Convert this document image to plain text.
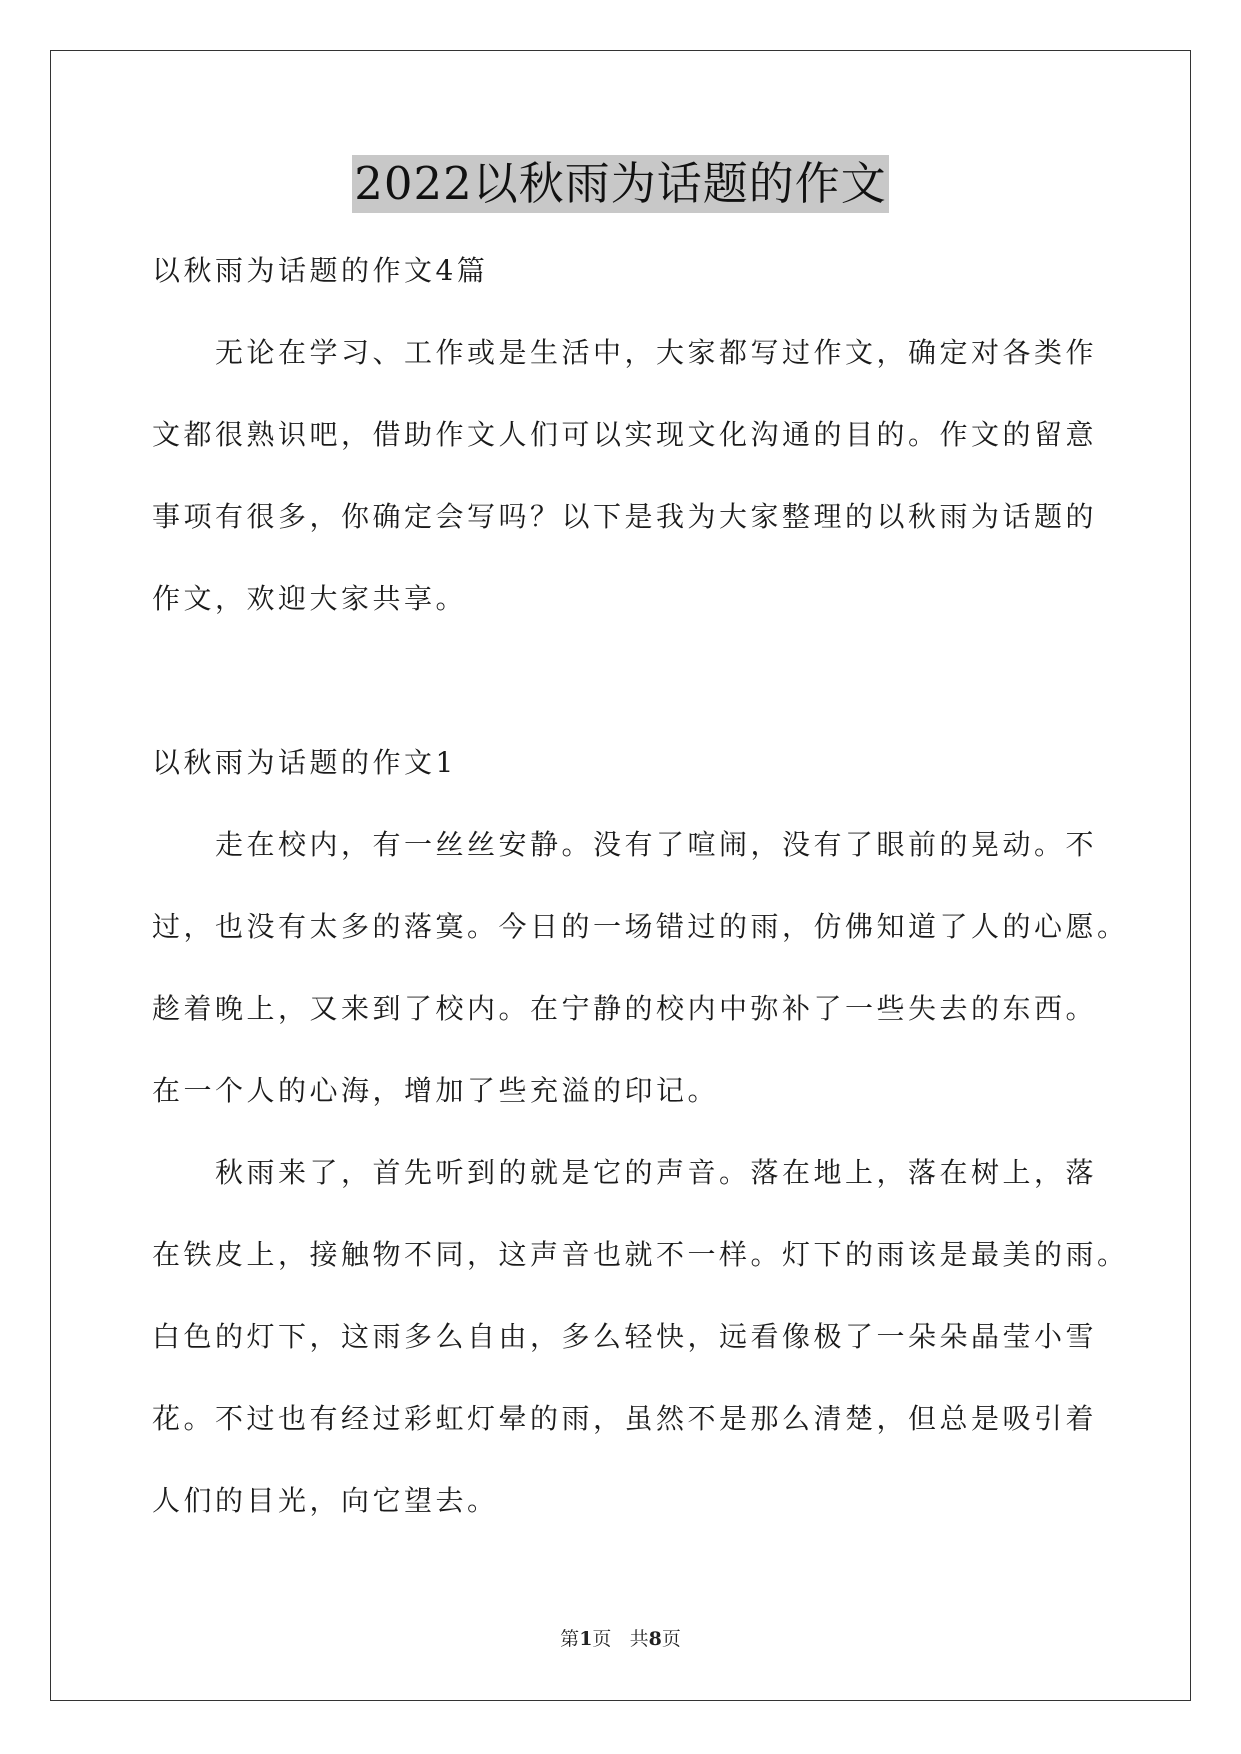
2022以秋雨为话题的作文

以秋雨为话题的作文4篇

　　无论在学习、工作或是生活中，大家都写过作文，确定对各类作

文都很熟识吧，借助作文人们可以实现文化沟通的目的。作文的留意

事项有很多，你确定会写吗？以下是我为大家整理的以秋雨为话题的

作文，欢迎大家共享。

以秋雨为话题的作文1

　　走在校内，有一丝丝安静。没有了喧闹，没有了眼前的晃动。不

过，也没有太多的落寞。今日的一场错过的雨，仿佛知道了人的心愿。

趁着晚上，又来到了校内。在宁静的校内中弥补了一些失去的东西。

在一个人的心海，增加了些充溢的印记。

　　秋雨来了，首先听到的就是它的声音。落在地上，落在树上，落

在铁皮上，接触物不同，这声音也就不一样。灯下的雨该是最美的雨。

白色的灯下，这雨多么自由，多么轻快，远看像极了一朵朵晶莹小雪

花。不过也有经过彩虹灯晕的雨，虽然不是那么清楚，但总是吸引着

人们的目光，向它望去。

第1页 共8页
